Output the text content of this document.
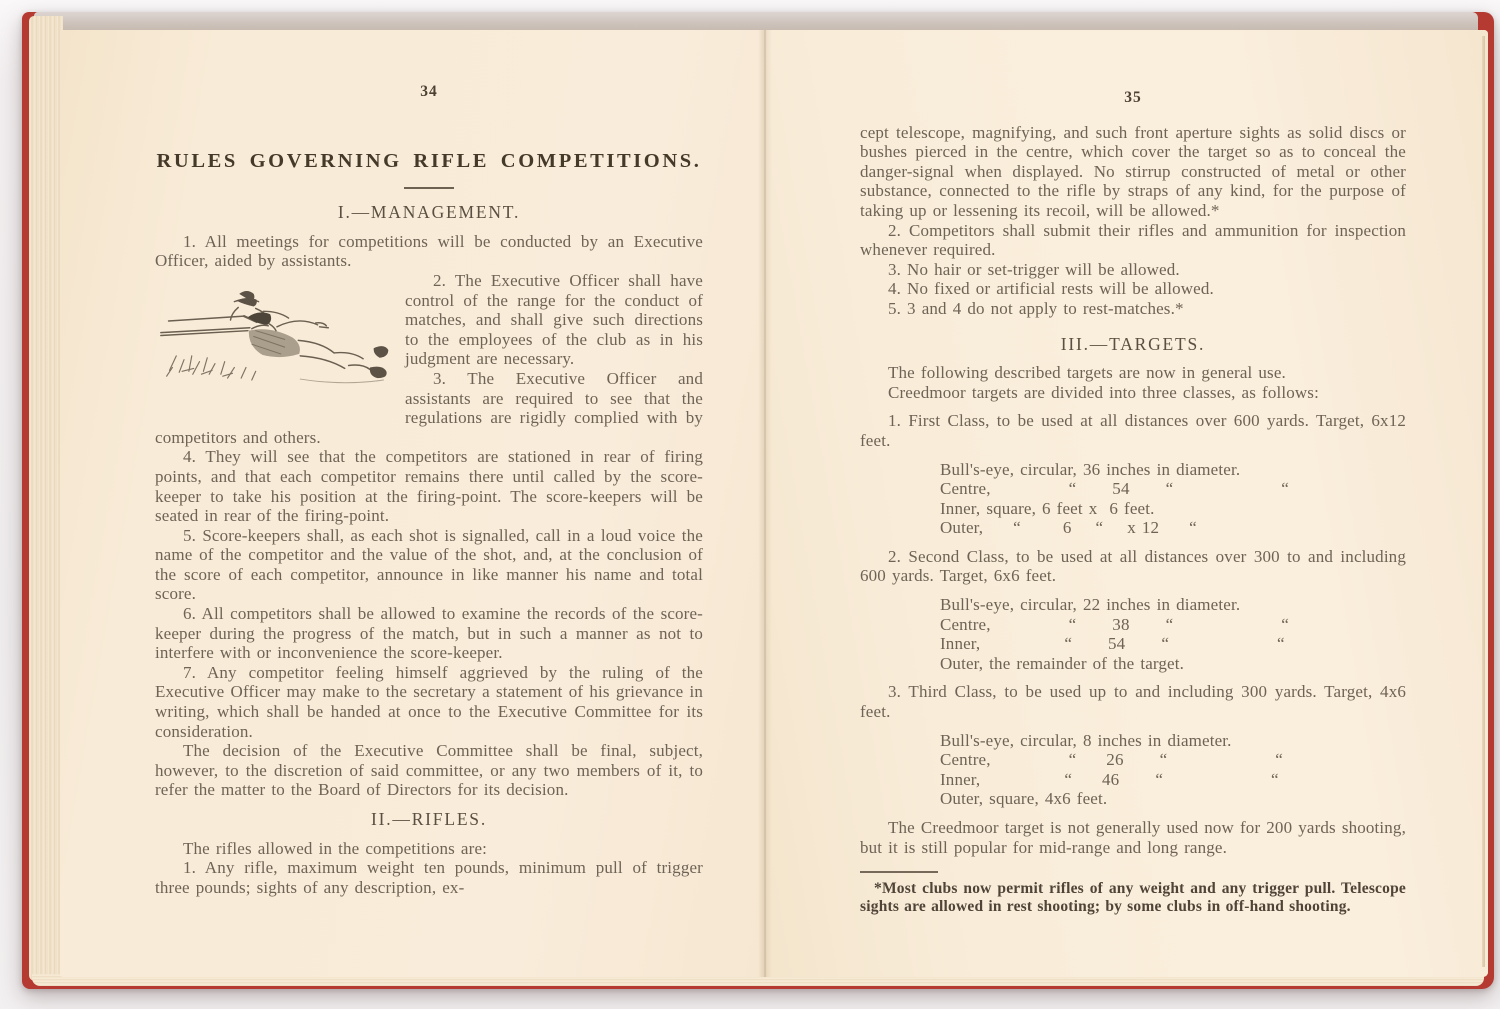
34
RULES GOVERNING RIFLE COMPETITIONS.
I.—MANAGEMENT.

1. All meetings for competitions will be conducted by an Executive Officer, aided by assistants.

2. The Executive Officer shall have control of the range for the conduct of matches, and shall give such directions to the employees of the club as in his judgment are necessary.

3. The Executive Officer and assistants are required to see that the regulations are rigidly complied with by competitors and others.

4. They will see that the competitors are stationed in rear of firing points, and that each competitor remains there until called by the score-keeper to take his position at the firing-point. The score-keepers will be seated in rear of the firing-point.

5. Score-keepers shall, as each shot is signalled, call in a loud voice the name of the competitor and the value of the shot, and, at the conclusion of the score of each competitor, announce in like manner his name and total score.

6. All competitors shall be allowed to examine the records of the score-keeper during the progress of the match, but in such a manner as not to interfere with or inconvenience the score-keeper.

7. Any competitor feeling himself aggrieved by the ruling of the Executive Officer may make to the secretary a statement of his grievance in writing, which shall be handed at once to the Executive Committee for its consideration.

The decision of the Executive Committee shall be final, subject, however, to the discretion of said committee, or any two members of it, to refer the matter to the Board of Directors for its decision.

II.—RIFLES.

The rifles allowed in the competitions are:

1. Any rifle, maximum weight ten pounds, minimum pull of trigger three pounds; sights of any description, ex-

35

cept telescope, magnifying, and such front aperture sights as solid discs or bushes pierced in the centre, which cover the target so as to conceal the danger-signal when displayed. No stirrup constructed of metal or other substance, connected to the rifle by straps of any kind, for the purpose of taking up or lessening its recoil, will be allowed.*

2. Competitors shall submit their rifles and ammunition for inspection whenever required.

3. No hair or set-trigger will be allowed.

4. No fixed or artificial rests will be allowed.

5. 3 and 4 do not apply to rest-matches.*

III.—TARGETS.

The following described targets are now in general use.

Creedmoor targets are divided into three classes, as follows:

1. First Class, to be used at all distances over 600 yards. Target, 6x12 feet.

Bull's-eye, circular, 36 inches in diameter.

Centre,             “      54      “                  “

Inner, square, 6 feet x  6 feet.

Outer,     “       6    “    x 12     “

2. Second Class, to be used at all distances over 300 to and including 600 yards. Target, 6x6 feet.

Bull's-eye, circular, 22 inches in diameter.

Centre,             “      38      “                  “

Inner,              “      54      “                  “

Outer, the remainder of the target.

3. Third Class, to be used up to and including 300 yards. Target, 4x6 feet.

Bull's-eye, circular, 8 inches in diameter.

Centre,             “     26      “                  “

Inner,              “     46      “                  “

Outer, square, 4x6 feet.

The Creedmoor target is not generally used now for 200 yards shooting, but it is still popular for mid-range and long range.

*Most clubs now permit rifles of any weight and any trigger pull. Telescope sights are allowed in rest shooting; by some clubs in off-hand shooting.
